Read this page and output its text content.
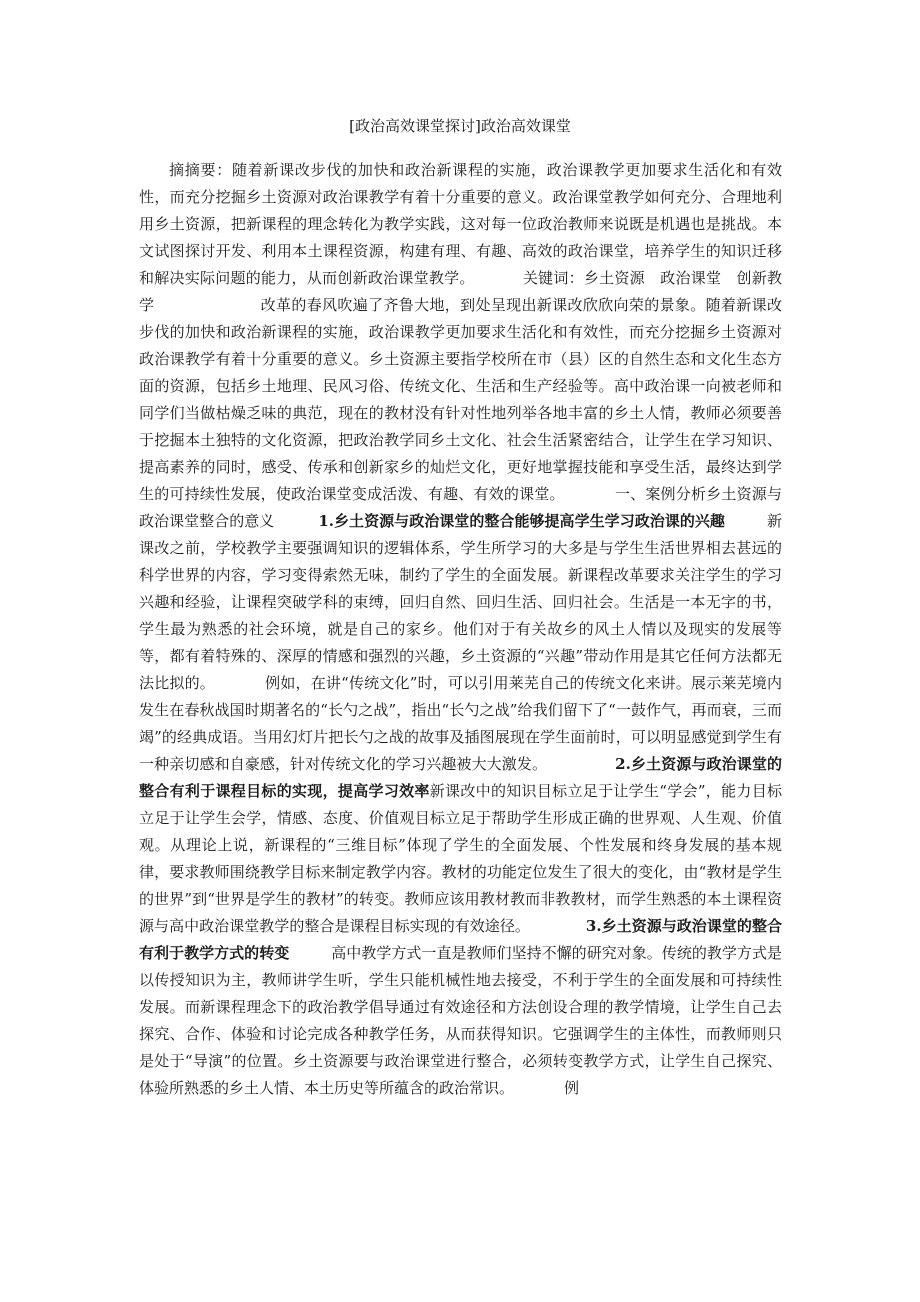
[政治高效课堂探讨]政治高效课堂

摘摘要：随着新课改步伐的加快和政治新课程的实施，政治课教学更加要求生活化和有效性，而充分挖掘乡土资源对政治课教学有着十分重要的意义。政治课堂教学如何充分、合理地利用乡土资源，把新课程的理念转化为教学实践，这对每一位政治教师来说既是机遇也是挑战。本文试图探讨开发、利用本土课程资源，构建有理、有趣、高效的政治课堂，培养学生的知识迁移和解决实际问题的能力，从而创新政治课堂教学。	关键词：乡土资源　政治课堂　创新教学	改革的春风吹遍了齐鲁大地，到处呈现出新课改欣欣向荣的景象。随着新课改步伐的加快和政治新课程的实施，政治课教学更加要求生活化和有效性，而充分挖掘乡土资源对政治课教学有着十分重要的意义。乡土资源主要指学校所在市（县）区的自然生态和文化生态方面的资源，包括乡土地理、民风习俗、传统文化、生活和生产经验等。高中政治课一向被老师和同学们当做枯燥乏味的典范，现在的教材没有针对性地列举各地丰富的乡土人情，教师必须要善于挖掘本土独特的文化资源，把政治教学同乡土文化、社会生活紧密结合，让学生在学习知识、提高素养的同时，感受、传承和创新家乡的灿烂文化，更好地掌握技能和享受生活，最终达到学生的可持续性发展，使政治课堂变成活泼、有趣、有效的课堂。	一、案例分析乡土资源与政治课堂整合的意义	1.乡土资源与政治课堂的整合能够提高学生学习政治课的兴趣	新课改之前，学校教学主要强调知识的逻辑体系，学生所学习的大多是与学生生活世界相去甚远的科学世界的内容，学习变得索然无味，制约了学生的全面发展。新课程改革要求关注学生的学习兴趣和经验，让课程突破学科的束缚，回归自然、回归生活、回归社会。生活是一本无字的书，学生最为熟悉的社会环境，就是自己的家乡。他们对于有关故乡的风土人情以及现实的发展等等，都有着特殊的、深厚的情感和强烈的兴趣，乡土资源的“兴趣”带动作用是其它任何方法都无法比拟的。	例如，在讲“传统文化”时，可以引用莱芜自己的传统文化来讲。展示莱芜境内发生在春秋战国时期著名的“长勺之战”，指出“长勺之战”给我们留下了“一鼓作气，再而衰，三而竭”的经典成语。当用幻灯片把长勺之战的故事及插图展现在学生面前时，可以明显感觉到学生有一种亲切感和自豪感，针对传统文化的学习兴趣被大大激发。	2.乡土资源与政治课堂的整合有利于课程目标的实现，提高学习效率新课改中的知识目标立足于让学生“学会”，能力目标立足于让学生会学，情感、态度、价值观目标立足于帮助学生形成正确的世界观、人生观、价值观。从理论上说，新课程的“三维目标”体现了学生的全面发展、个性发展和终身发展的基本规律，要求教师围绕教学目标来制定教学内容。教材的功能定位发生了很大的变化，由“教材是学生的世界”到“世界是学生的教材”的转变。教师应该用教材教而非教教材，而学生熟悉的本土课程资源与高中政治课堂教学的整合是课程目标实现的有效途径。	3.乡土资源与政治课堂的整合有利于教学方式的转变	高中教学方式一直是教师们坚持不懈的研究对象。传统的教学方式是以传授知识为主，教师讲学生听，学生只能机械性地去接受，不利于学生的全面发展和可持续性发展。而新课程理念下的政治教学倡导通过有效途径和方法创设合理的教学情境，让学生自己去探究、合作、体验和讨论完成各种教学任务，从而获得知识。它强调学生的主体性，而教师则只是处于“导演”的位置。乡土资源要与政治课堂进行整合，必须转变教学方式，让学生自己探究、体验所熟悉的乡土人情、本土历史等所蕴含的政治常识。	例
